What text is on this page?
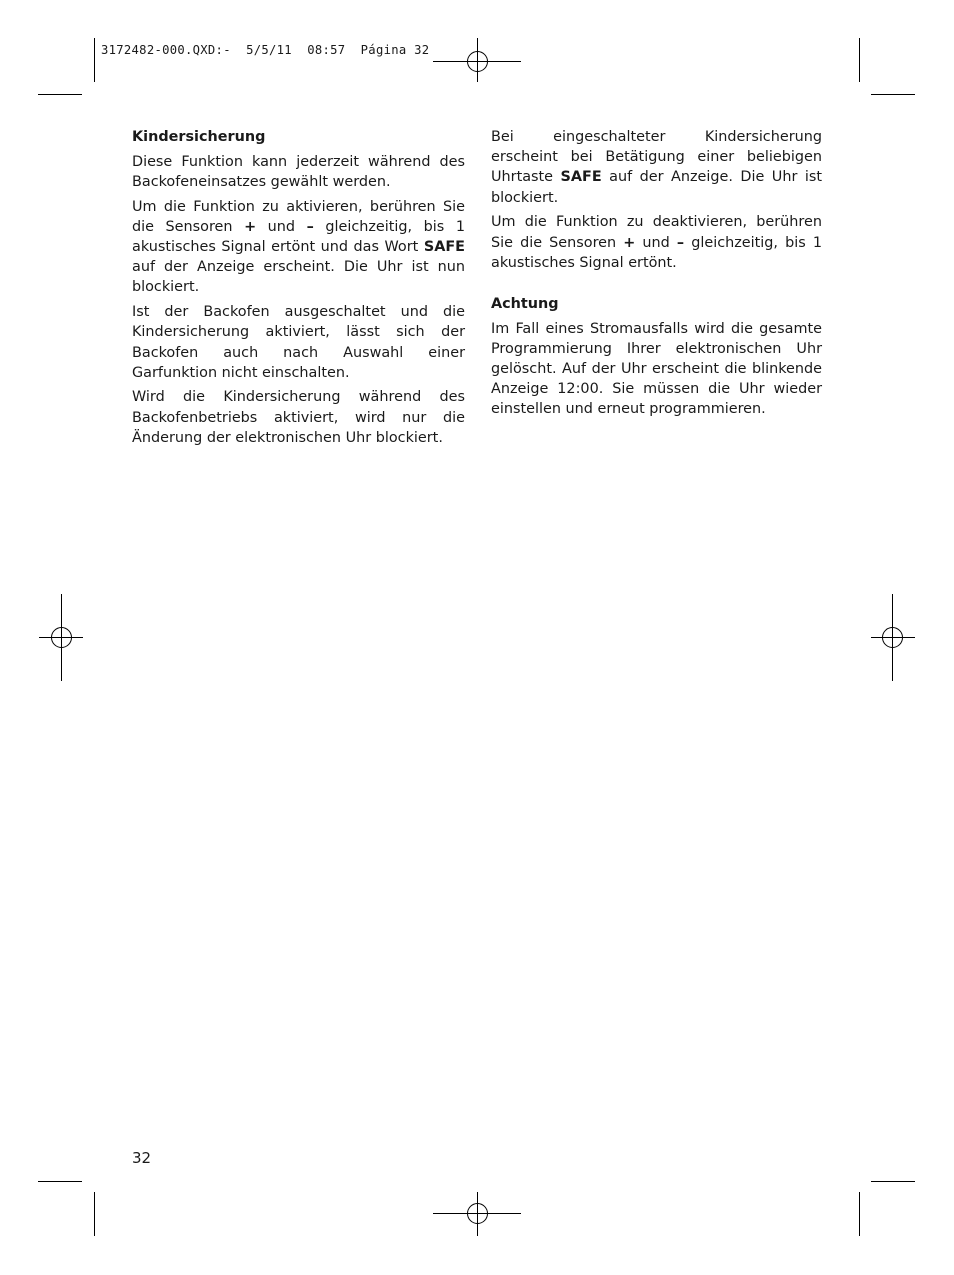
3172482-000.QXD:-  5/5/11  08:57  Página 32
Kindersicherung

Diese Funktion kann jederzeit während des Backofeneinsatzes gewählt werden.

Um die Funktion zu aktivieren, berühren Sie die Sensoren + und – gleichzeitig, bis 1 akustisches Signal ertönt und das Wort SAFE auf der Anzeige erscheint. Die Uhr ist nun blockiert.

Ist der Backofen ausgeschaltet und die Kindersicherung aktiviert, lässt sich der Backofen auch nach Auswahl einer Garfunktion nicht einschalten.

Wird die Kindersicherung während des Backofenbetriebs aktiviert, wird nur die Änderung der elektronischen Uhr blockiert.

Bei eingeschalteter Kindersicherung erscheint bei Betätigung einer beliebigen Uhrtaste SAFE auf der Anzeige. Die Uhr ist blockiert.

Um die Funktion zu deaktivieren, berühren Sie die Sensoren + und – gleichzeitig, bis 1 akustisches Signal ertönt.

Achtung

Im Fall eines Stromausfalls wird die gesamte Programmierung Ihrer elektronischen Uhr gelöscht. Auf der Uhr erscheint die blinkende Anzeige 12:00. Sie müssen die Uhr wieder einstellen und erneut programmieren.

32
